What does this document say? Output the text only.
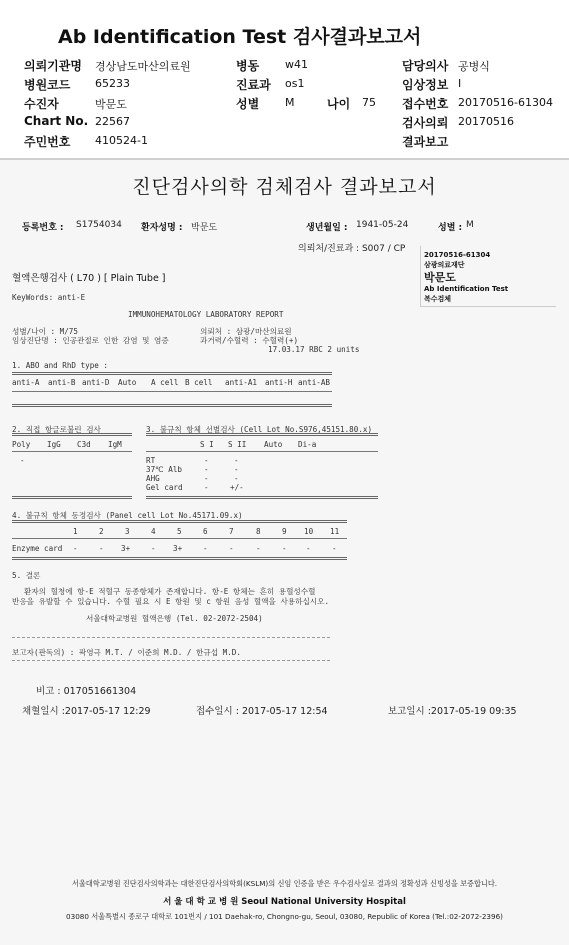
Ab Identification Test 검사결과보고서
의뢰기관명 경상남도마산의료원	병동 w41	담당의사 공병식
병원코드 65233	진료과 os1	임상정보 I
수진자	박문도	성별 M	나이 75 접수번호 20170516-61304
Chart No. 22567	검사의뢰 20170516
주민번호 410524-1	결과보고
진단검사의학 검체검사 결과보고서
등록번호 : S1754034 환자성명 : 박문도	생년월일 : 1941-05-24	성별 : M
의뢰처/진료과 : S007 / CP
20170516-61304
삼광의료재단
박문도
Ab Identification Test
복수검체
혈액은행검사 ( L70 ) [ Plain Tube ]
KeyWords: anti-E
IMMUNOHEMATOLOGY LABORATORY REPORT
성별/나이 : M/75
임상진단명 : 인공관절로 인한 감염 및 염증
의뢰처 : 삼광/마산의료원
과거력/수혈력 : 수혈력(+)
17.03.17 RBC 2 units
1. ABO and RhD type :
anti-A anti-B anti-D Auto A cell B cell anti-A1 anti-H anti-AB
2. 직접 항글로불린 검사
Poly IgG C3d IgM
-
3. 불규칙 항체 선별검사 (Cell Lot No.S976,45151.80.x)
S I S II Auto Di-a
RT	-	-
37℃ Alb	-	-
AHG	-	-
Gel card	-	+/-
4. 불규칙 항체 동정검사 (Panel cell Lot No.45171.09.x)
1	2	3	4	5	6	7	8	9 10 11
Enzyme card -	- 3+	- 3+	-	-	-	-	-	-
5. 결론
환자의 혈청에 항-E 적혈구 동종항체가 존재합니다. 항-E 항체는 흔히 용혈성수혈
반응을 유발할 수 있습니다. 수혈 필요 시 E 항원 및 c 항원 음성 혈액을 사용하십시오.
서울대학교병원 혈액은행 (Tel. 02-2072-2504)
보고자(판독의) : 곽영극 M.T. / 이준희 M.D. / 한규섭 M.D.
비고 : 017051661304
채혈일시 :2017-05-17 12:29	접수일시 : 2017-05-17 12:54	보고일시 :2017-05-19 09:35
서울대학교병원 진단검사의학과는 대한진단검사의학회(KSLM)의 신임 인증을 받은 우수검사실로 결과의 정확성과 신빙성을 보증합니다.
서 울 대 학 교 병 원 Seoul National University Hospital
03080 서울특별시 종로구 대학로 101번지 / 101 Daehak-ro, Chongno-gu, Seoul, 03080, Republic of Korea (Tel.:02-2072-2396)
